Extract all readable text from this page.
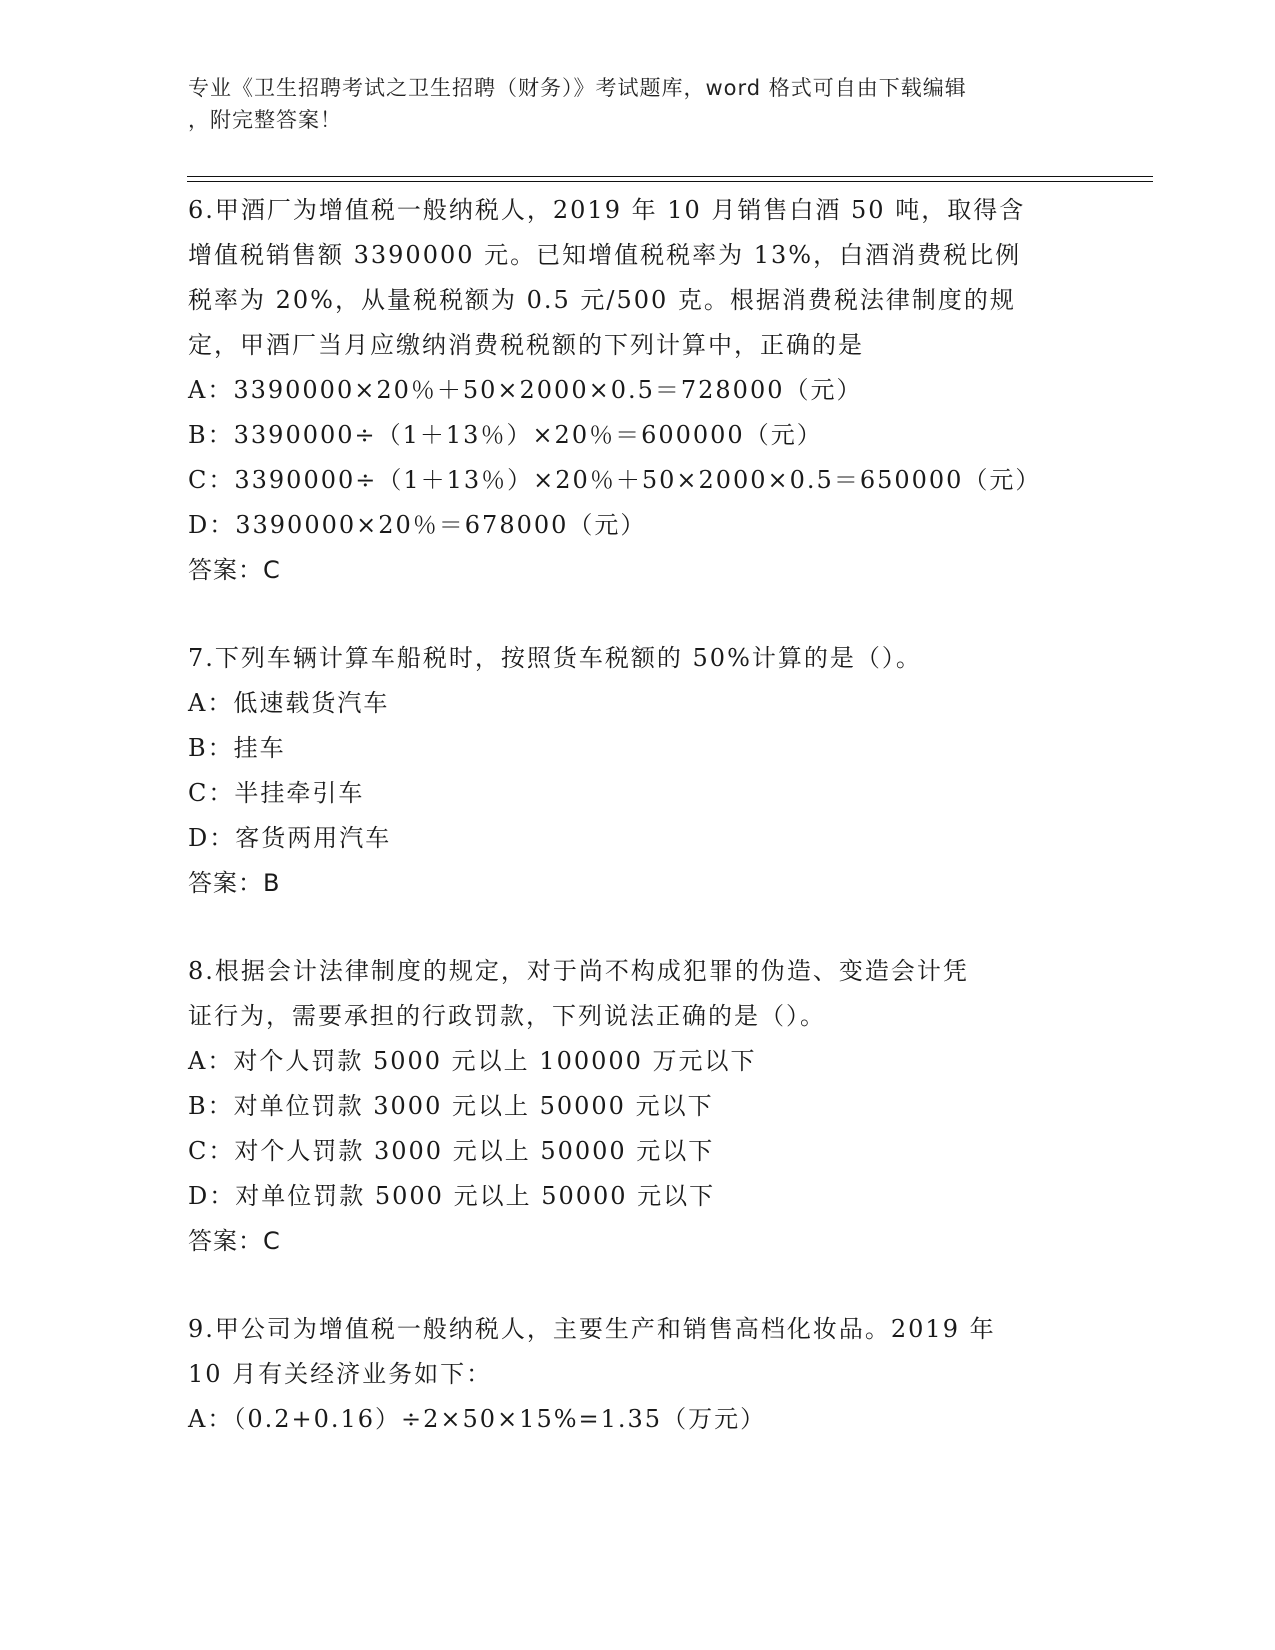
专业《卫生招聘考试之卫生招聘（财务）》考试题库，word 格式可自由下载编辑
，附完整答案！
6.甲酒厂为增值税一般纳税人，2019 年 10 月销售白酒 50 吨，取得含
增值税销售额 3390000 元。已知增值税税率为 13%，白酒消费税比例
税率为 20%，从量税税额为 0.5 元/500 克。根据消费税法律制度的规
定，甲酒厂当月应缴纳消费税税额的下列计算中，正确的是
A：3390000×20％＋50×2000×0.5＝728000（元）
B：3390000÷（1＋13％）×20％＝600000（元）
C：3390000÷（1＋13％）×20％＋50×2000×0.5＝650000（元）
D：3390000×20％＝678000（元）
答案：C
7.下列车辆计算车船税时，按照货车税额的 50%计算的是（）。
A：低速载货汽车
B：挂车
C：半挂牵引车
D：客货两用汽车
答案：B
8.根据会计法律制度的规定，对于尚不构成犯罪的伪造、变造会计凭
证行为，需要承担的行政罚款，下列说法正确的是（）。
A：对个人罚款 5000 元以上 100000 万元以下
B：对单位罚款 3000 元以上 50000 元以下
C：对个人罚款 3000 元以上 50000 元以下
D：对单位罚款 5000 元以上 50000 元以下
答案：C
9.甲公司为增值税一般纳税人，主要生产和销售高档化妆品。2019 年
10 月有关经济业务如下：
A：（0.2+0.16）÷2×50×15%=1.35（万元）
